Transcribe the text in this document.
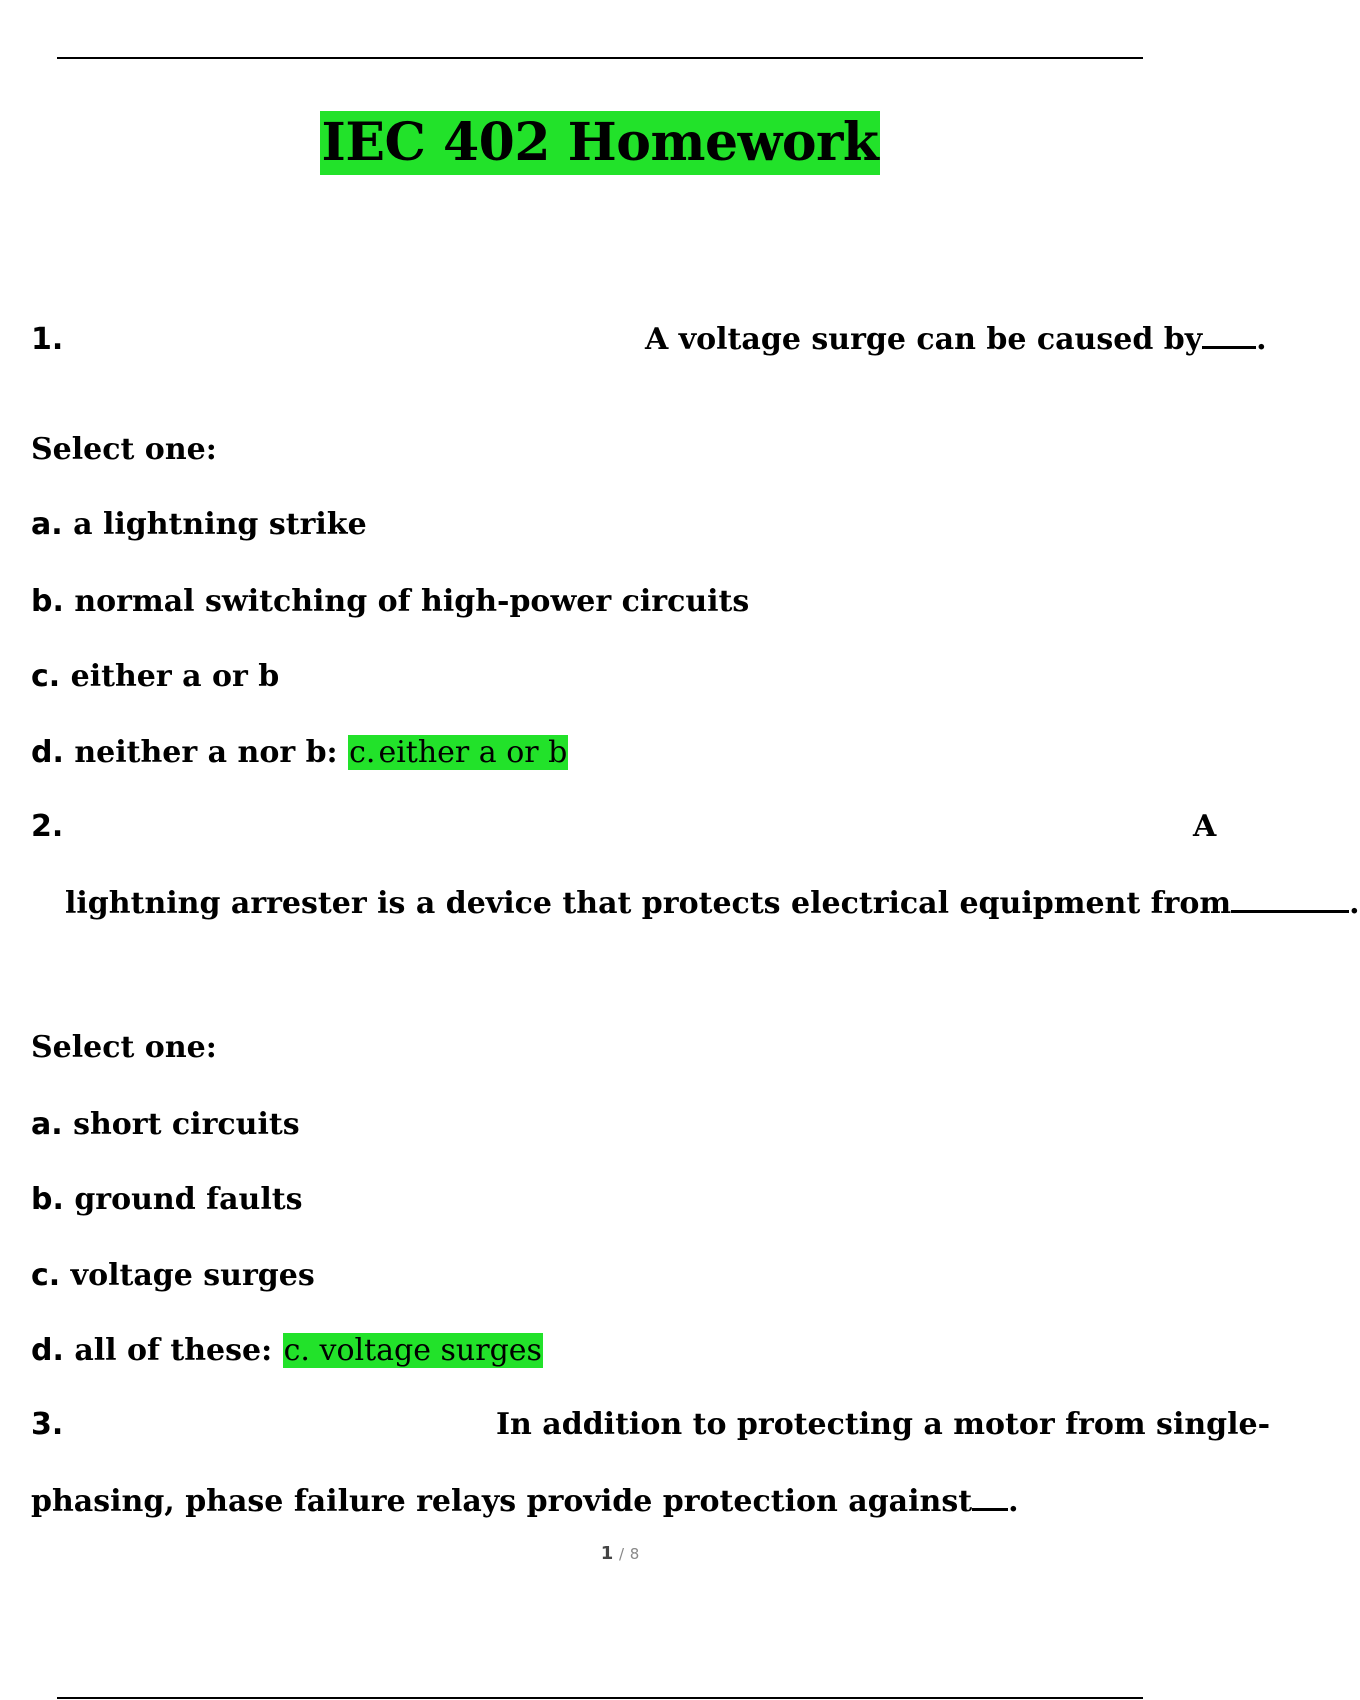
IEC 402 Homework
1.	A voltage surge can be caused by .
Select one:
a. a lightning strike
b. normal switching of high-power circuits
c. either a or b
d. neither a nor b: c. either a or b
2.	A
lightning arrester is a device that protects electrical equipment from	.
Select one:
a. short circuits
b. ground faults
c. voltage surges
d. all of these: c. voltage surges
3.	In addition to protecting a motor from single-
phasing, phase failure relays provide protection against .
1 / 8
